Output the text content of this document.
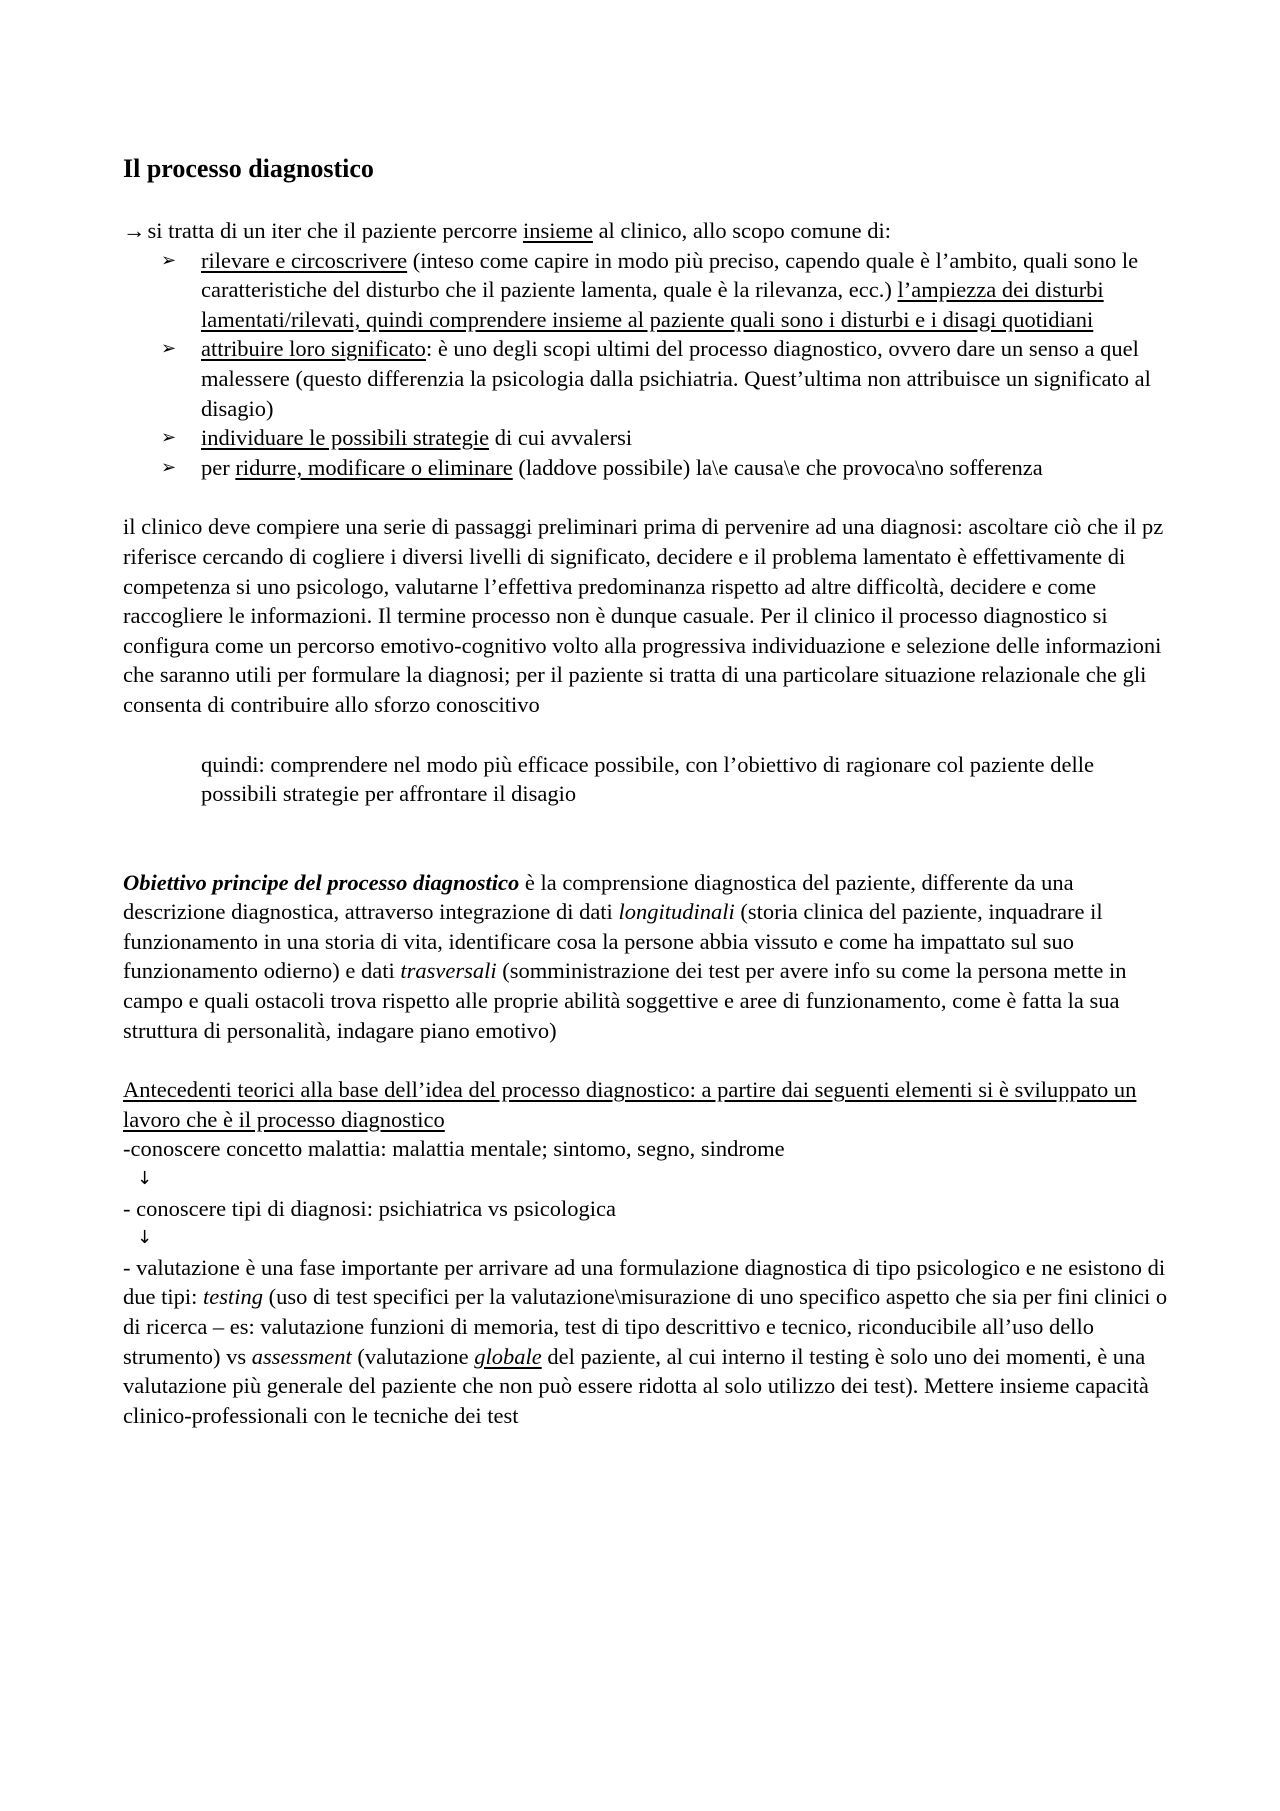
Il processo diagnostico

→si tratta di un iter che il paziente percorre insieme al clinico, allo scopo comune di:

➢ rilevare e circoscrivere (inteso come capire in modo più preciso, capendo quale è l’ambito, quali sono le caratteristiche del disturbo che il paziente lamenta, quale è la rilevanza, ecc.) l’ampiezza dei disturbi lamentati/rilevati, quindi comprendere insieme al paziente quali sono i disturbi e i disagi quotidiani
➢ attribuire loro significato: è uno degli scopi ultimi del processo diagnostico, ovvero dare un senso a quel malessere (questo differenzia la psicologia dalla psichiatria. Quest’ultima non attribuisce un significato al disagio)
➢ individuare le possibili strategie di cui avvalersi
➢ per ridurre, modificare o eliminare (laddove possibile) la\e causa\e che provoca\no sofferenza

il clinico deve compiere una serie di passaggi preliminari prima di pervenire ad una diagnosi: ascoltare ciò che il pz riferisce cercando di cogliere i diversi livelli di significato, decidere e il problema lamentato è effettivamente di competenza si uno psicologo, valutarne l’effettiva predominanza rispetto ad altre difficoltà, decidere e come raccogliere le informazioni. Il termine processo non è dunque casuale. Per il clinico il processo diagnostico si configura come un percorso emotivo-cognitivo volto alla progressiva individuazione e selezione delle informazioni che saranno utili per formulare la diagnosi; per il paziente si tratta di una particolare situazione relazionale che gli consenta di contribuire allo sforzo conoscitivo

quindi: comprendere nel modo più efficace possibile, con l’obiettivo di ragionare col paziente delle possibili strategie per affrontare il disagio

Obiettivo principe del processo diagnostico è la comprensione diagnostica del paziente, differente da una descrizione diagnostica, attraverso integrazione di dati longitudinali (storia clinica del paziente, inquadrare il funzionamento in una storia di vita, identificare cosa la persone abbia vissuto e come ha impattato sul suo funzionamento odierno) e dati trasversali (somministrazione dei test per avere info su come la persona mette in campo e quali ostacoli trova rispetto alle proprie abilità soggettive e aree di funzionamento, come è fatta la sua struttura di personalità, indagare piano emotivo)

Antecedenti teorici alla base dell’idea del processo diagnostico: a partire dai seguenti elementi si è sviluppato un lavoro che è il processo diagnostico

-conoscere concetto malattia: malattia mentale; sintomo, segno, sindrome

↓

- conoscere tipi di diagnosi: psichiatrica vs psicologica

↓

- valutazione è una fase importante per arrivare ad una formulazione diagnostica di tipo psicologico e ne esistono di due tipi: testing (uso di test specifici per la valutazione\misurazione di uno specifico aspetto che sia per fini clinici o di ricerca – es: valutazione funzioni di memoria, test di tipo descrittivo e tecnico, riconducibile all’uso dello strumento) vs assessment (valutazione globale del paziente, al cui interno il testing è solo uno dei momenti, è una valutazione più generale del paziente che non può essere ridotta al solo utilizzo dei test). Mettere insieme capacità clinico-professionali con le tecniche dei test
